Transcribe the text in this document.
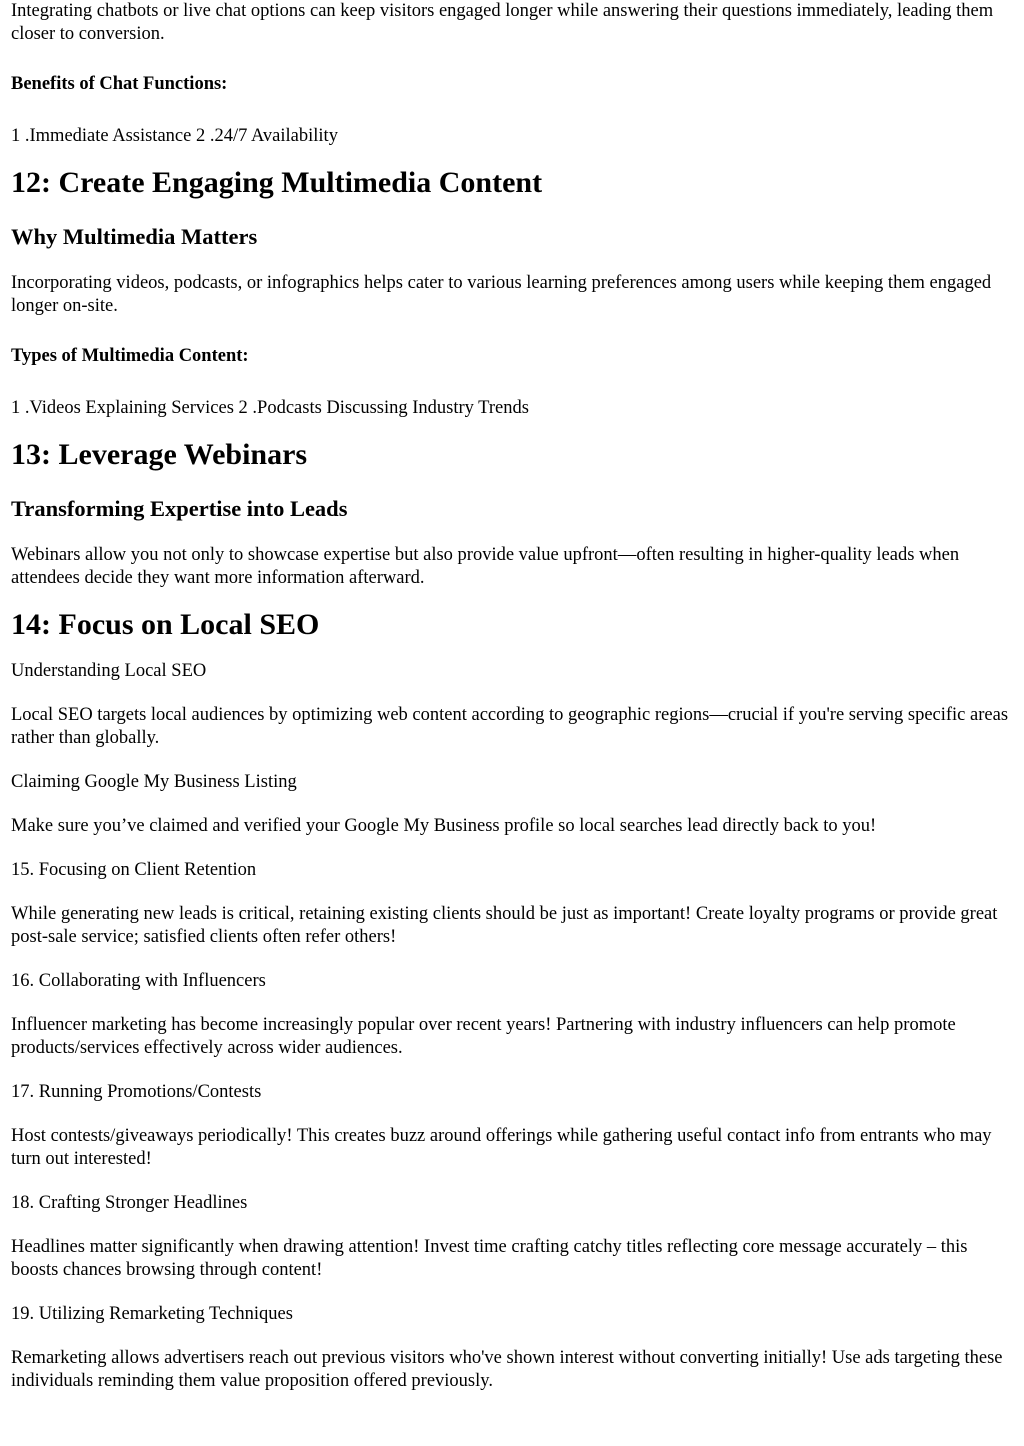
Integrating chatbots or live chat options can keep visitors engaged longer while answering their questions immediately, leading them closer to conversion.

Benefits of Chat Functions:

1 .Immediate Assistance 2 .24/7 Availability

12: Create Engaging Multimedia Content
Why Multimedia Matters

Incorporating videos, podcasts, or infographics helps cater to various learning preferences among users while keeping them engaged longer on-site.

Types of Multimedia Content:

1 .Videos Explaining Services 2 .Podcasts Discussing Industry Trends

13: Leverage Webinars
Transforming Expertise into Leads

Webinars allow you not only to showcase expertise but also provide value upfront—often resulting in higher-quality leads when attendees decide they want more information afterward.

14: Focus on Local SEO

Understanding Local SEO

Local SEO targets local audiences by optimizing web content according to geographic regions—crucial if you're serving specific areas rather than globally.

Claiming Google My Business Listing

Make sure you’ve claimed and verified your Google My Business profile so local searches lead directly back to you!

15. Focusing on Client Retention

While generating new leads is critical, retaining existing clients should be just as important! Create loyalty programs or provide great post-sale service; satisfied clients often refer others!

16. Collaborating with Influencers

Influencer marketing has become increasingly popular over recent years! Partnering with industry influencers can help promote products/services effectively across wider audiences.

17. Running Promotions/Contests

Host contests/giveaways periodically! This creates buzz around offerings while gathering useful contact info from entrants who may turn out interested!

18. Crafting Stronger Headlines

Headlines matter significantly when drawing attention! Invest time crafting catchy titles reflecting core message accurately – this boosts chances browsing through content!

19. Utilizing Remarketing Techniques

Remarketing allows advertisers reach out previous visitors who've shown interest without converting initially! Use ads targeting these individuals reminding them value proposition offered previously.
